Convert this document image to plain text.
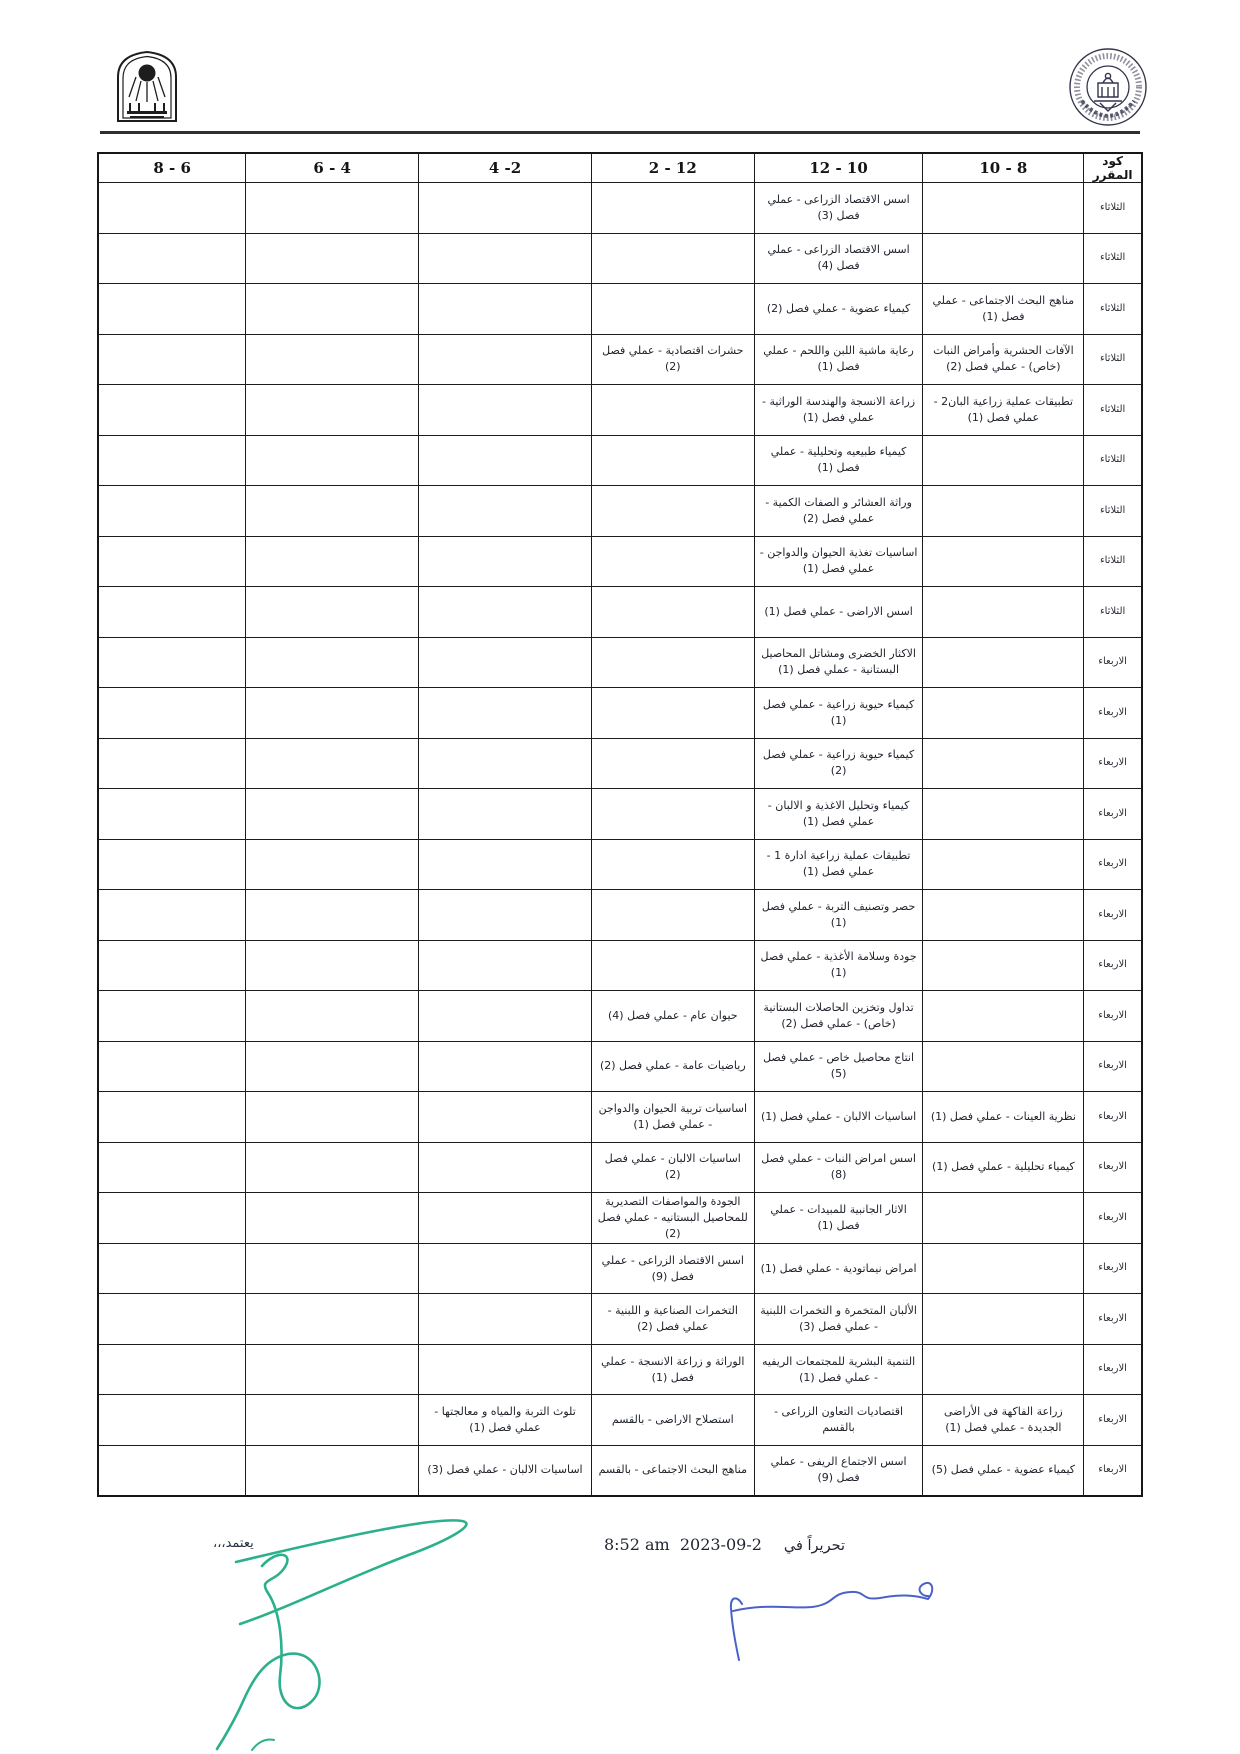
كود المقرر	10 - 8	12 - 10	2 - 12	4 -2	6 - 4	8 - 6
الثلاثاء		اسس الاقتصاد الزراعى - عملي فصل (3)				
الثلاثاء		اسس الاقتصاد الزراعى - عملي فصل (4)				
الثلاثاء	مناهج البحث الاجتماعى - عملي فصل (1)	كيمياء عضوية - عملي فصل (2)				
الثلاثاء	الآفات الحشرية وأمراض النبات (خاص) - عملي فصل (2)	رعاية ماشية اللبن واللحم - عملي فصل (1)	حشرات اقتصادية - عملي فصل (2)			
الثلاثاء	تطبيقات عملية زراعية البان2 - عملي فصل (1)	زراعة الانسجة والهندسة الوراثية - عملي فصل (1)				
الثلاثاء		كيمياء طبيعيه وتحليلية - عملي فصل (1)				
الثلاثاء		وراثة العشائر و الصفات الكمية - عملي فصل (2)				
الثلاثاء		اساسيات تغذية الحيوان والدواجن - عملي فصل (1)				
الثلاثاء		اسس الاراضى - عملي فصل (1)				
الاربعاء		الاكثار الخضرى ومشاتل المحاصيل البستانية - عملي فصل (1)				
الاربعاء		كيمياء حيوية زراعية - عملي فصل (1)				
الاربعاء		كيمياء حيوية زراعية - عملي فصل (2)				
الاربعاء		كيمياء وتحليل الاغذية و الالبان - عملي فصل (1)				
الاربعاء		تطبيقات عملية زراعية ادارة 1 - عملي فصل (1)				
الاربعاء		حصر وتصنيف التربة - عملي فصل (1)				
الاربعاء		جودة وسلامة الأغذية - عملي فصل (1)				
الاربعاء		تداول وتخزين الحاصلات البستانية (خاص) - عملي فصل (2)	حيوان عام - عملي فصل (4)			
الاربعاء		انتاج محاصيل خاص - عملي فصل (5)	رياضيات عامة - عملي فصل (2)			
الاربعاء	نظرية العينات - عملي فصل (1)	اساسيات الالبان - عملي فصل (1)	اساسيات تربية الحيوان والدواجن - عملي فصل (1)			
الاربعاء	كيمياء تحليلية - عملي فصل (1)	اسس امراض النبات - عملي فصل (8)	اساسيات الالبان - عملي فصل (2)			
الاربعاء		الاثار الجانبية للمبيدات - عملي فصل (1)	الجودة والمواصفات التصديرية للمحاصيل البستانيه - عملي فصل (2)			
الاربعاء		امراض نيماتودية - عملي فصل (1)	اسس الاقتصاد الزراعى - عملي فصل (9)			
الاربعاء		الألبان المتخمرة و التخمرات اللبنية - عملي فصل (3)	التخمرات الصناعية و اللبنية - عملي فصل (2)			
الاربعاء		التنمية البشرية للمجتمعات الريفيه - عملي فصل (1)	الوراثة و زراعة الانسجة - عملي فصل (1)			
الاربعاء	زراعة الفاكهة فى الأراضى الجديدة - عملي فصل (1)	اقتصاديات التعاون الزراعى - بالقسم	استصلاح الاراضى - بالقسم	تلوث التربة والمياه و معالجتها - عملي فصل (1)		
الاربعاء	كيمياء عضوية - عملي فصل (5)	اسس الاجتماع الريفى - عملي فصل (9)	مناهج البحث الاجتماعى - بالقسم	اساسيات الالبان - عملي فصل (3)		
تحريراً في
8:52 am  2023-09-2
يعتمد،،،
